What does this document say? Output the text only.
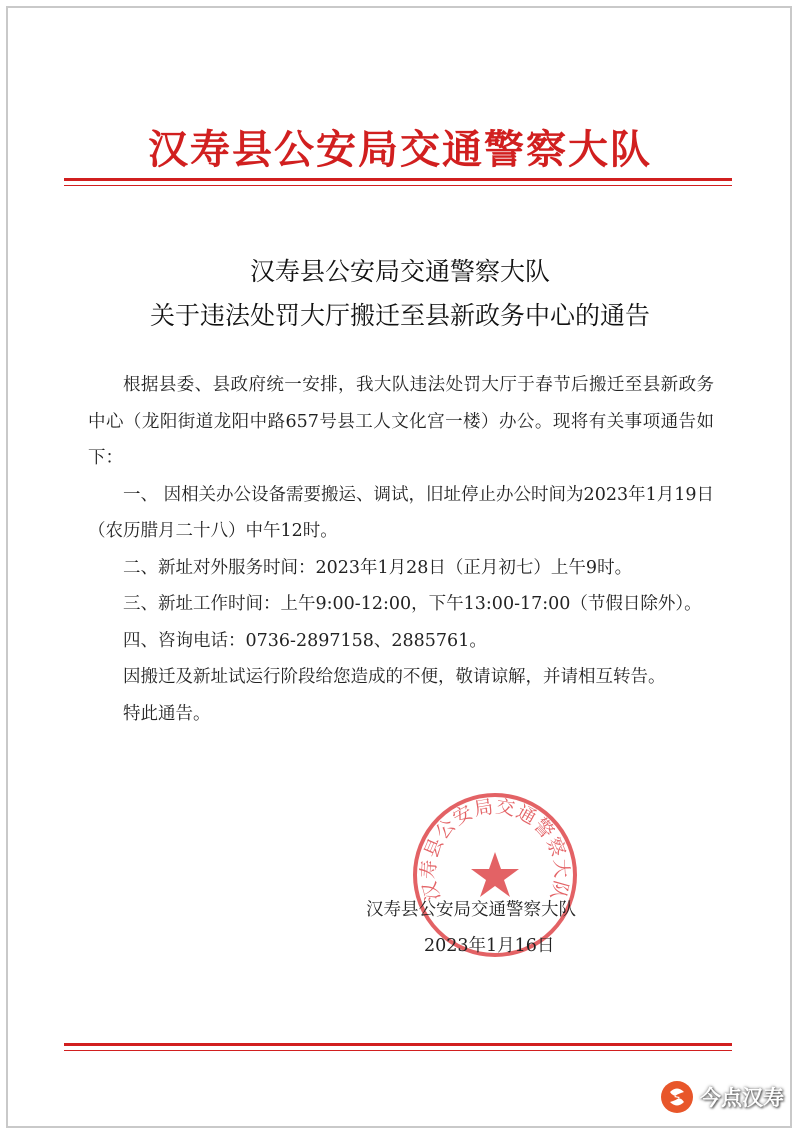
汉寿县公安局交通警察大队
汉寿县公安局交通警察大队
关于违法处罚大厅搬迁至县新政务中心的通告

根据县委、县政府统一安排，我大队违法处罚大厅于春节后搬迁至县新政务中心（龙阳街道龙阳中路657号县工人文化宫一楼）办公。现将有关事项通告如下：

一、 因相关办公设备需要搬运、调试，旧址停止办公时间为2023年1月19日（农历腊月二十八）中午12时。

二、新址对外服务时间：2023年1月28日（正月初七）上午9时。

三、新址工作时间：上午9:00-12:00，下午13:00-17:00（节假日除外）。

四、咨询电话：0736-2897158、2885761。

因搬迁及新址试运行阶段给您造成的不便，敬请谅解，并请相互转告。

特此通告。

汉寿县公安局交通警察大队
汉寿县公安局交通警察大队
2023年1月16日
今点汉寿
